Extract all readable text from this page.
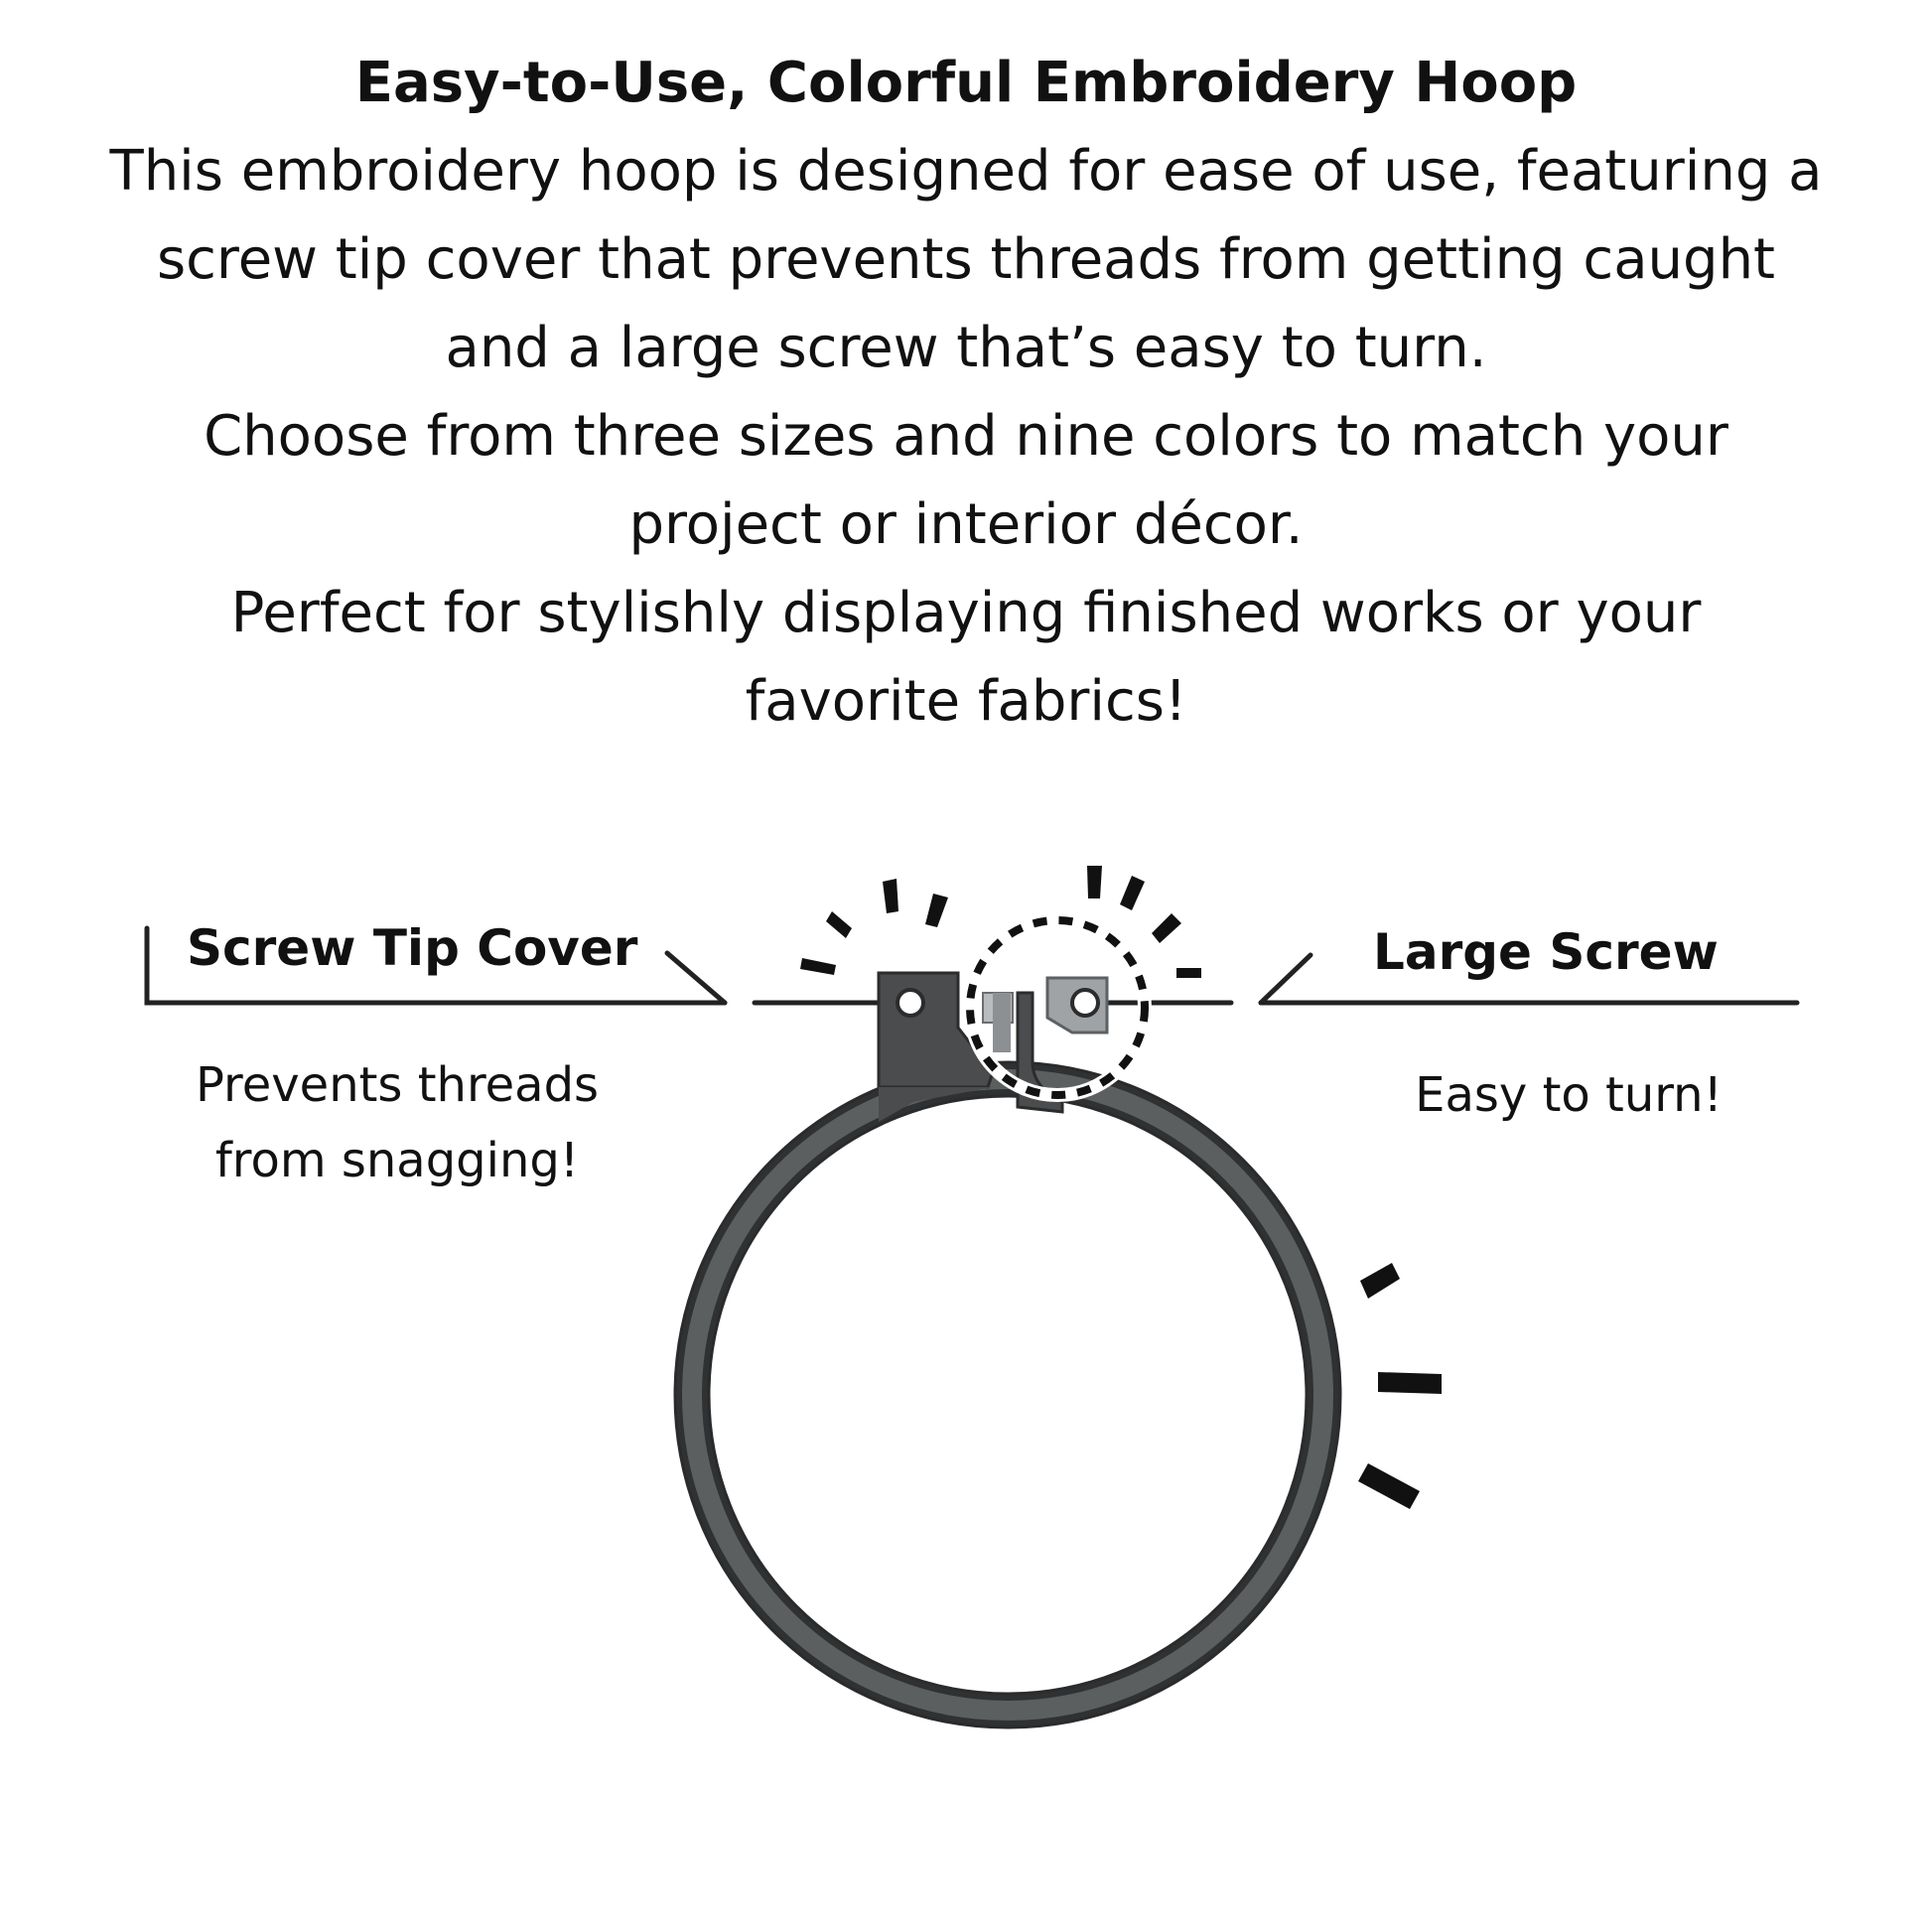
Easy-to-Use, Colorful Embroidery Hoop

This embroidery hoop is designed for ease of use, featuring a
screw tip cover that prevents threads from getting caught
and a large screw that’s easy to turn.

Choose from three sizes and nine colors to match your
project or interior décor.

Perfect for stylishly displaying finished works or your
favorite fabrics!

Screw Tip Cover
Prevents threads
from snagging!
Large Screw
Easy to turn!
